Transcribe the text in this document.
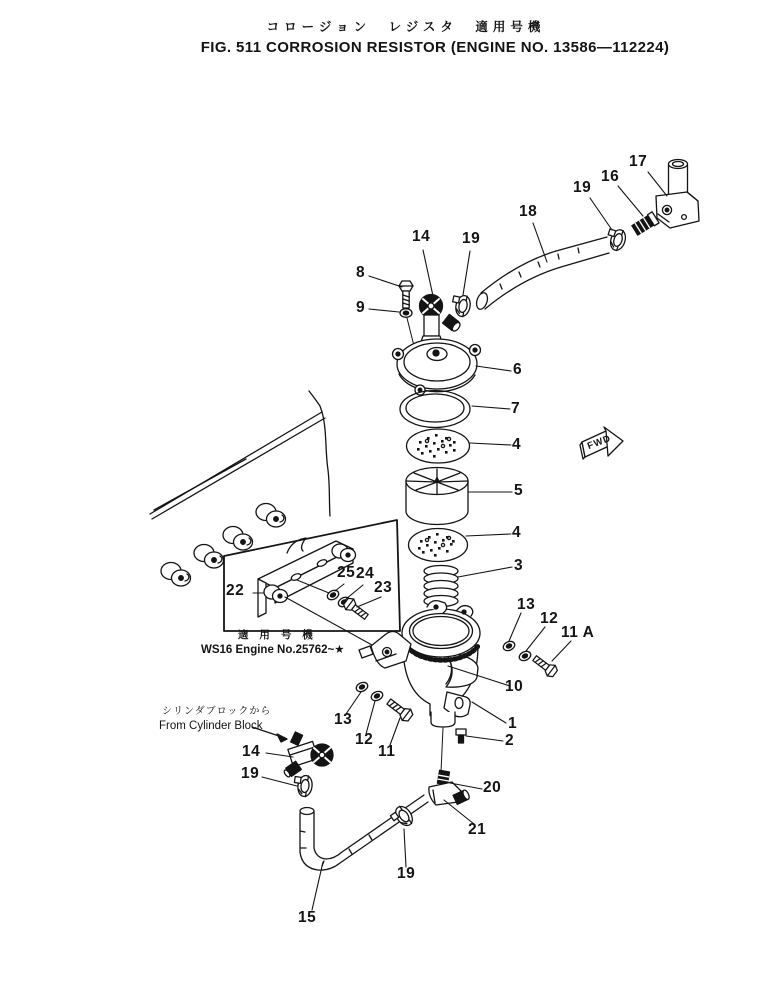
コロージョン　レジスタ　適用号機
FIG. 511 CORROSION RESISTOR (ENGINE NO. 13586—112224)
FWD
適 用 号 機
WS16 Engine No.25762~★
シリンダブロックから
From Cylinder Block
8
9
14 19
6
7
4
5
4
3
17
16
19
18
22
25 24
23
13
12
11 A
10
1
2
13
12
11
14
19
20
21
19
15
